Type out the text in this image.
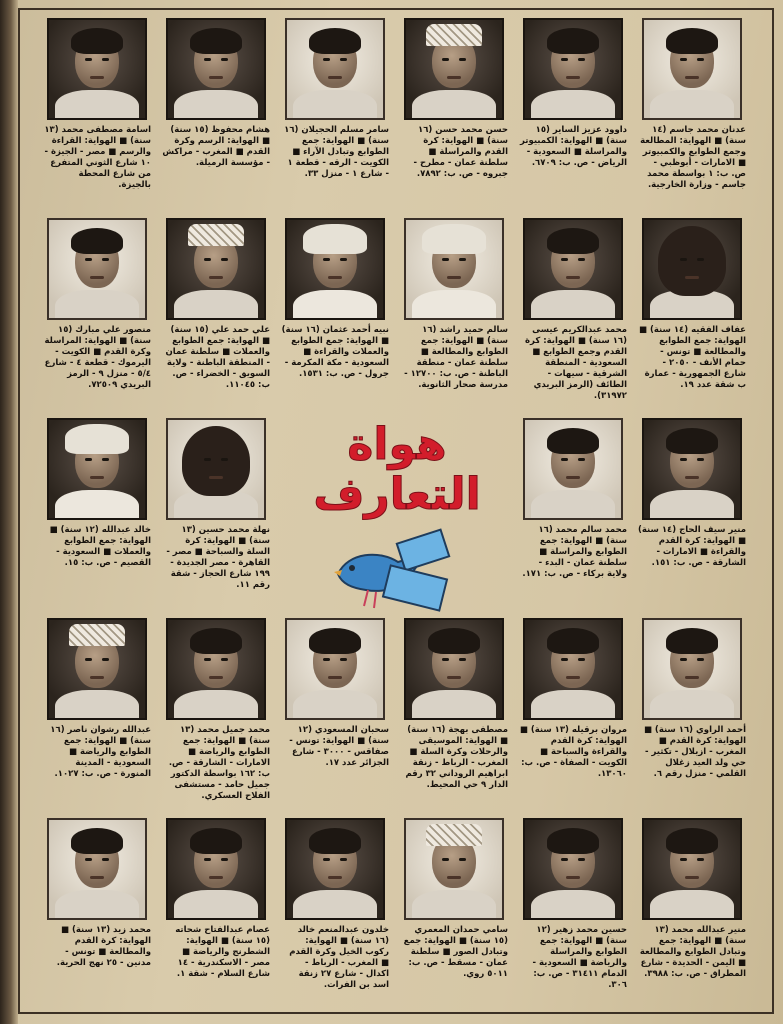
عدنان محمد جاسم (١٤ سنة) ■ الهواية: المطالعة وجمع الطوابع والكمبيوتر ■ الامارات - أبوظبي - ص. ب: ١ بواسطة محمد جاسم - وزارة الخارجية.
داوود عزيز الساير (١٥ سنة) ■ الهواية: الكمبيوتر والمراسلة ■ السعودية - الرياض - ص. ب: ٦٧٠٩.
حسن محمد حسن (١٦ سنة) ■ الهواية: كرة القدم والمراسلة ■ سلطنة عمان - مطرح - جبروه - ص. ب: ٧٨٩٢.
سامر مسلم الحجيلان (١٦ سنة) ■ الهواية: جمع الطوابع وتبادل الآراء ■ الكويت - الرقه - قطعة ١ - شارع ١ - منزل ٣٣.
هشام محفوظ (١٥ سنة) ■ الهواية: الرسم وكرة القدم ■ المغرب - مراكش - مؤسسة الرميلة.
اسامة مصطفى محمد (١٣ سنة) ■ الهواية: القراءة والرسم ■ مصر - الجيزة - ١٠ شارع الثوني المتفرع من شارع المحطة بالجيزة.
عفاف الفقيه (١٤ سنة) ■ الهواية: جمع الطوابع والمطالعة ■ تونس - حمام الأنف - ٢٠٥٠ - شارع الجمهورية - عمارة ب شقة عدد ١٩.
محمد عبدالكريم عيسى (١٦ سنة) ■ الهواية: كرة القدم وجمع الطوابع ■ السعودية - المنطقة الشرقية - سيهات - الطائف (الرمز البريدي ٣١٩٧٢).
سالم حميد راشد (١٦ سنة) ■ الهواية: جمع الطوابع والمطالعة ■ سلطنة عمان - منطقة الباطنة - ص. ب: ١٢٧٠٠ - مدرسة صحار الثانوية.
نبيه أحمد عثمان (١٦ سنة) ■ الهواية: جمع الطوابع والعملات والقراءة ■ السعودية - مكة المكرمة - جرول - ص. ب: ١٥٣١.
علي حمد علي (١٥ سنة) ■ الهواية: جمع الطوابع والعملات ■ سلطنة عمان - المنطقة الباطنة - ولاية السويق - الخضراء - ص. ب: ١١٠٤٥.
منصور علي مبارك (١٥ سنة) ■ الهواية: المراسلة وكرة القدم ■ الكويت - اليرموك - قطعة ٤ - شارع ٥/٤ - منزل ٩ - الرمز البريدي ٧٢٥٠٩.
منير سيف الحاج (١٤ سنة) ■ الهواية: كرة القدم والقراءة ■ الامارات - الشارقة - ص. ب: ١٥١.
محمد سالم محمد (١٦ سنة) ■ الهواية: جمع الطوابع والمراسلة ■ سلطنة عمان - البدء - ولاية بركاء - ص. ب: ١٧١.
نهلة محمد حسين (١٣ سنة) ■ الهواية: كرة السلة والسباحة ■ مصر - القاهرة - مصر الجديدة - ١٩٩ شارع الحجاز - شقة رقم ١١.
خالد عبدالله (١٢ سنة) ■ الهواية: جمع الطوابع والعملات ■ السعودية - القصيم - ص. ب: ١٥.
أحمد الراوي (١٦ سنة) ■ الهواية: كرة القدم ■ المغرب - ازيلال - تكثير - حي ولد العيد زغلال القلمي - منزل رقم ٦.
مروان برقيله (١٣ سنة) ■ الهواية: كرة القدم والقراءة والسباحة ■ الكويت - الصفاة - ص. ب: ١٣٠٦٠.
مصطفى بهجة (١٦ سنة) ■ الهواية: الموسيقى والرحلات وكرة السلة ■ المغرب - الرباط - زنقة ابراهيم الروداني ٣٢ رقم الدار ٩ حي المحيط.
سحبان المسعودي (١٢ سنة) ■ الهواية: تونس - صفاقس - ٣٠٠٠ - شارع الجزائر عدد ١٧.
محمد جميل محمد (١٣ سنة) ■ الهواية: جمع الطوابع والرياضة ■ الامارات - الشارقة - ص. ب: ١٦٢ بواسطة الدكتور جميل حامد - مستشفى الفلاح العسكري.
عبدالله رشوان ناصر (١٦ سنة) ■ الهواية: جمع الطوابع والرياضة ■ السعودية - المدينة المنورة - ص. ب: ١٠٢٧.
منير عبدالله محمد (١٣ سنة) ■ الهواية: جمع وتبادل الطوابع والمطالعة ■ اليمن - الحديدة - شارع المطراق - ص. ب: ٣٩٨٨.
حسين محمد زهير (١٢ سنة) ■ الهواية: جمع الطوابع والمراسلة والرياضة ■ السعودية - الدمام ٣١٤١١ - ص. ب: ٣٠٦.
سامي حمدان المعمري (١٥ سنة) ■ الهواية: جمع وتبادل الصور ■ سلطنة عمان - مسقط - ص. ب: ٥٠١١ روي.
خلدون عبدالمنعم خالد (١٦ سنة) ■ الهواية: ركوب الخيل وكرة القدم ■ المغرب - الرباط - اكدال - شارع ٢٧ زنقة اسد بن الفرات.
عصام عبدالفتاح شحاته (١٥ سنة) ■ الهواية: الشطرنج والرياضة ■ مصر - الاسكندرية - ١٤ شارع السلام - شقة ١.
محمد زيد (١٣ سنة) ■ الهواية: كرة القدم والمطالعة ■ تونس - مدنين - ٢٥ نهج الحرية.
هواة
التعارف
